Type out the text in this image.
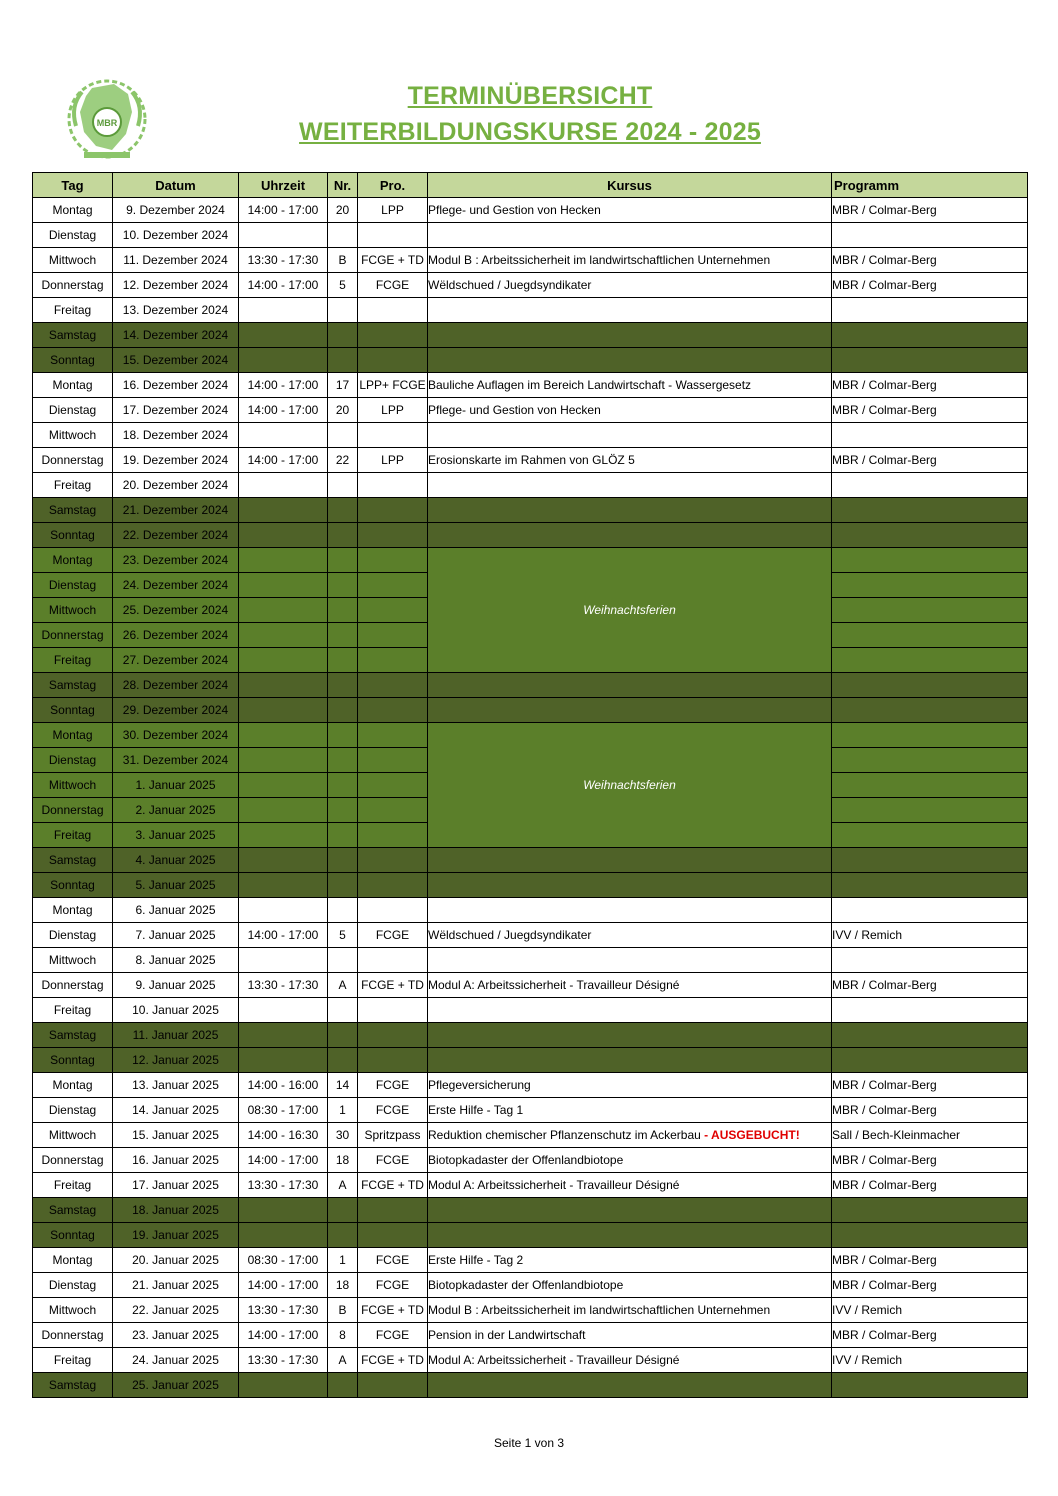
MBR
TERMINÜBERSICHT
WEITERBILDUNGSKURSE 2024 - 2025
Tag	Datum	Uhrzeit	Nr.	Pro.	Kursus	Programm
Montag	9. Dezember 2024	14:00 - 17:00	20	LPP	Pflege- und Gestion von Hecken	MBR / Colmar-Berg
Dienstag	10. Dezember 2024					
Mittwoch	11. Dezember 2024	13:30 - 17:30	B	FCGE + TD	Modul B : Arbeitssicherheit im landwirtschaftlichen Unternehmen	MBR / Colmar-Berg
Donnerstag	12. Dezember 2024	14:00 - 17:00	5	FCGE	Wëldschued / Juegdsyndikater	MBR / Colmar-Berg
Freitag	13. Dezember 2024					
Samstag	14. Dezember 2024					
Sonntag	15. Dezember 2024					
Montag	16. Dezember 2024	14:00 - 17:00	17	LPP+ FCGE	Bauliche Auflagen im Bereich Landwirtschaft - Wassergesetz	MBR / Colmar-Berg
Dienstag	17. Dezember 2024	14:00 - 17:00	20	LPP	Pflege- und Gestion von Hecken	MBR / Colmar-Berg
Mittwoch	18. Dezember 2024					
Donnerstag	19. Dezember 2024	14:00 - 17:00	22	LPP	Erosionskarte im Rahmen von GLÖZ 5	MBR / Colmar-Berg
Freitag	20. Dezember 2024					
Samstag	21. Dezember 2024					
Sonntag	22. Dezember 2024					
Montag	23. Dezember 2024				Weihnachtsferien	
Dienstag	24. Dezember 2024					
Mittwoch	25. Dezember 2024					
Donnerstag	26. Dezember 2024					
Freitag	27. Dezember 2024					
Samstag	28. Dezember 2024					
Sonntag	29. Dezember 2024					
Montag	30. Dezember 2024				Weihnachtsferien	
Dienstag	31. Dezember 2024					
Mittwoch	1. Januar 2025					
Donnerstag	2. Januar 2025					
Freitag	3. Januar 2025					
Samstag	4. Januar 2025					
Sonntag	5. Januar 2025					
Montag	6. Januar 2025					
Dienstag	7. Januar 2025	14:00 - 17:00	5	FCGE	Wëldschued / Juegdsyndikater	IVV / Remich
Mittwoch	8. Januar 2025					
Donnerstag	9. Januar 2025	13:30 - 17:30	A	FCGE + TD	Modul A: Arbeitssicherheit - Travailleur Désigné	MBR / Colmar-Berg
Freitag	10. Januar 2025					
Samstag	11. Januar 2025					
Sonntag	12. Januar 2025					
Montag	13. Januar 2025	14:00 - 16:00	14	FCGE	Pflegeversicherung	MBR / Colmar-Berg
Dienstag	14. Januar 2025	08:30 - 17:00	1	FCGE	Erste Hilfe - Tag 1	MBR / Colmar-Berg
Mittwoch	15. Januar 2025	14:00 - 16:30	30	Spritzpass	Reduktion chemischer Pflanzenschutz im Ackerbau - AUSGEBUCHT!	Sall / Bech-Kleinmacher
Donnerstag	16. Januar 2025	14:00 - 17:00	18	FCGE	Biotopkadaster der Offenlandbiotope	MBR / Colmar-Berg
Freitag	17. Januar 2025	13:30 - 17:30	A	FCGE + TD	Modul A: Arbeitssicherheit - Travailleur Désigné	MBR / Colmar-Berg
Samstag	18. Januar 2025					
Sonntag	19. Januar 2025					
Montag	20. Januar 2025	08:30 - 17:00	1	FCGE	Erste Hilfe - Tag 2	MBR / Colmar-Berg
Dienstag	21. Januar 2025	14:00 - 17:00	18	FCGE	Biotopkadaster der Offenlandbiotope	MBR / Colmar-Berg
Mittwoch	22. Januar 2025	13:30 - 17:30	B	FCGE + TD	Modul B : Arbeitssicherheit im landwirtschaftlichen Unternehmen	IVV / Remich
Donnerstag	23. Januar 2025	14:00 - 17:00	8	FCGE	Pension in der Landwirtschaft	MBR / Colmar-Berg
Freitag	24. Januar 2025	13:30 - 17:30	A	FCGE + TD	Modul A: Arbeitssicherheit - Travailleur Désigné	IVV / Remich
Samstag	25. Januar 2025					
Seite 1 von 3
